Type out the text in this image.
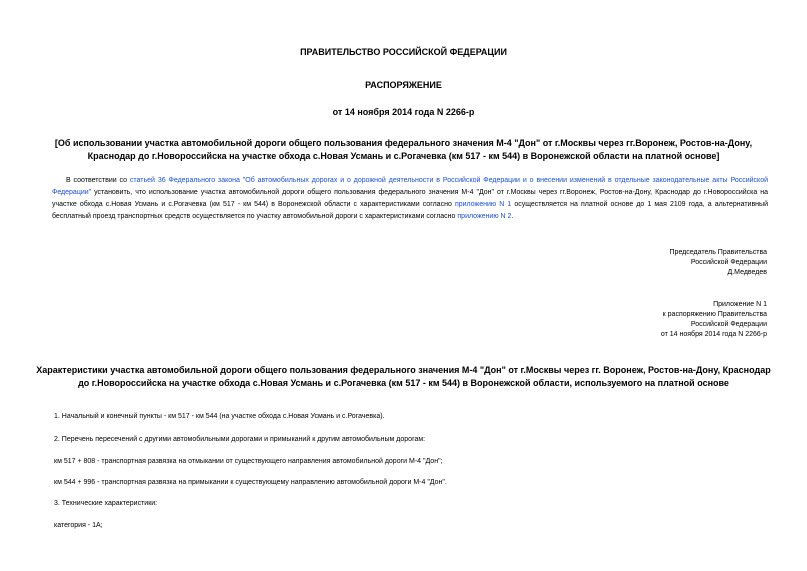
ПРАВИТЕЛЬСТВО РОССИЙСКОЙ ФЕДЕРАЦИИ
РАСПОРЯЖЕНИЕ
от 14 ноября 2014 года N 2266-р
[Об использовании участка автомобильной дороги общего пользования федерального значения М-4 "Дон" от г.Москвы через гг.Воронеж, Ростов-на-Дону, Краснодар до г.Новороссийска на участке обхода с.Новая Усмань и с.Рогачевка (км 517 - км 544) в Воронежской области на платной основе]
В соответствии со статьей 36 Федерального закона "Об автомобильных дорогах и о дорожной деятельности в Российской Федерации и о внесении изменений в отдельные законодательные акты Российской Федерации" установить, что использование участка автомобильной дороги общего пользования федерального значения М-4 "Дон" от г.Москвы через гг.Воронеж, Ростов-на-Дону, Краснодар до г.Новороссийска на участке обхода с.Новая Усмань и с.Рогачевка (км 517 - км 544) в Воронежской области с характеристиками согласно приложению N 1 осуществляется на платной основе до 1 мая 2109 года, а альтернативный бесплатный проезд транспортных средств осуществляется по участку автомобильной дороги с характеристиками согласно приложению N 2.
Председатель Правительства
Российской Федерации
Д.Медведев
Приложение N 1
к распоряжению Правительства
Российской Федерации
от 14 ноября 2014 года N 2266-р
Характеристики участка автомобильной дороги общего пользования федерального значения М-4 "Дон" от г.Москвы через гг. Воронеж, Ростов-на-Дону, Краснодар до г.Новороссийска на участке обхода с.Новая Усмань и с.Рогачевка (км 517 - км 544) в Воронежской области, используемого на платной основе
1. Начальный и конечный пункты - км 517 - км 544 (на участке обхода с.Новая Усмань и с.Рогачевка).
2. Перечень пересечений с другими автомобильными дорогами и примыканий к другим автомобильным дорогам:
км 517 + 808 - транспортная развязка на отмыкании от существующего направления автомобильной дороги М-4 "Дон";
км 544 + 996 - транспортная развязка на примыкании к существующему направлению автомобильной дороги М-4 "Дон".
3. Технические характеристики:
категория - 1А;
